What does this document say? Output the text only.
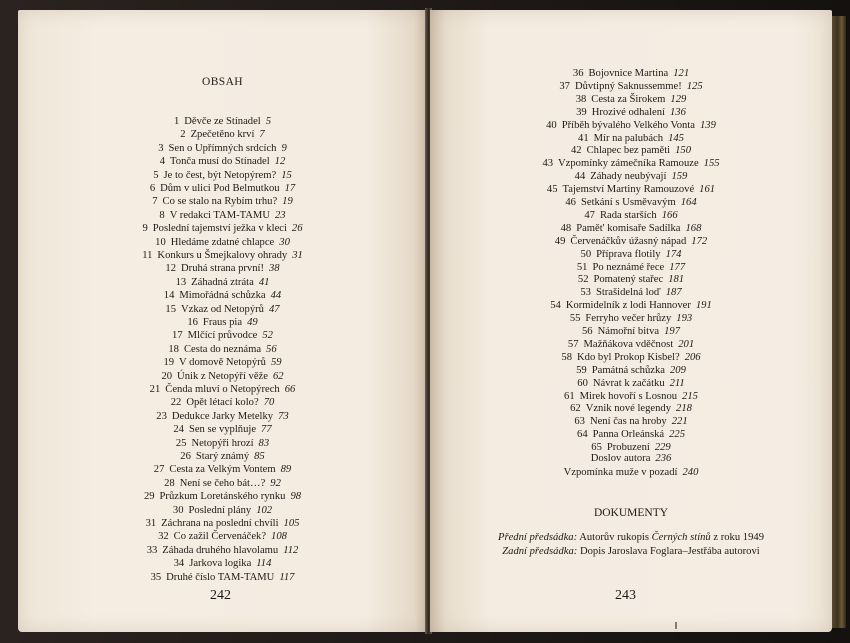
OBSAH
1 Děvče ze Stínadel 5
2 Zpečetěno krví 7
3 Sen o Upřímných srdcích 9
4 Tonča musí do Stínadel 12
5 Je to čest, být Netopýrem? 15
6 Dům v ulici Pod Belmutkou 17
7 Co se stalo na Rybím trhu? 19
8 V redakci TAM-TAMU 23
9 Poslední tajemství ježka v kleci 26
10 Hledáme zdatné chlapce 30
11 Konkurs u Šmejkalovy ohrady 31
12 Druhá strana první! 38
13 Záhadná ztráta 41
14 Mimořádná schůzka 44
15 Vzkaz od Netopýrů 47
16 Fraus pia 49
17 Mlčící průvodce 52
18 Cesta do neznáma 56
19 V domově Netopýrů 59
20 Únik z Netopýří věže 62
21 Čenda mluví o Netopýrech 66
22 Opět létací kolo? 70
23 Dedukce Jarky Metelky 73
24 Sen se vyplňuje 77
25 Netopýři hrozí 83
26 Starý známý 85
27 Cesta za Velkým Vontem 89
28 Není se čeho bát…? 92
29 Průzkum Loretánského rynku 98
30 Poslední plány 102
31 Záchrana na poslední chvíli 105
32 Co zažil Červenáček? 108
33 Záhada druhého hlavolamu 112
34 Jarkova logika 114
35 Druhé číslo TAM-TAMU 117
242
36 Bojovnice Martina 121
37 Důvtipný Saknussemme! 125
38 Cesta za Širokem 129
39 Hrozivé odhalení 136
40 Příběh bývalého Velkého Vonta 139
41 Mír na palubách 145
42 Chlapec bez paměti 150
43 Vzpomínky zámečníka Ramouze 155
44 Záhady neubývají 159
45 Tajemství Martiny Ramouzové 161
46 Setkání s Usměvavým 164
47 Rada starších 166
48 Pamět' komisaře Sadílka 168
49 Červenáčkův úžasný nápad 172
50 Příprava flotily 174
51 Po neznámé řece 177
52 Pomatený stařec 181
53 Strašidelná loď 187
54 Kormidelník z lodi Hannover 191
55 Ferryho večer hrůzy 193
56 Námořní bitva 197
57 Mažňákova vděčnost 201
58 Kdo byl Prokop Kisbel? 206
59 Památná schůzka 209
60 Návrat k začátku 211
61 Mirek hovoří s Losnou 215
62 Vznik nové legendy 218
63 Není čas na hroby 221
64 Panna Orleánská 225
65 Probuzení 229
Doslov autora 236
Vzpomínka muže v pozadí 240
DOKUMENTY
Přední předsádka: Autorův rukopis Černých stínů z roku 1949
Zadní předsádka: Dopis Jaroslava Foglara–Jestřába autorovi
243
